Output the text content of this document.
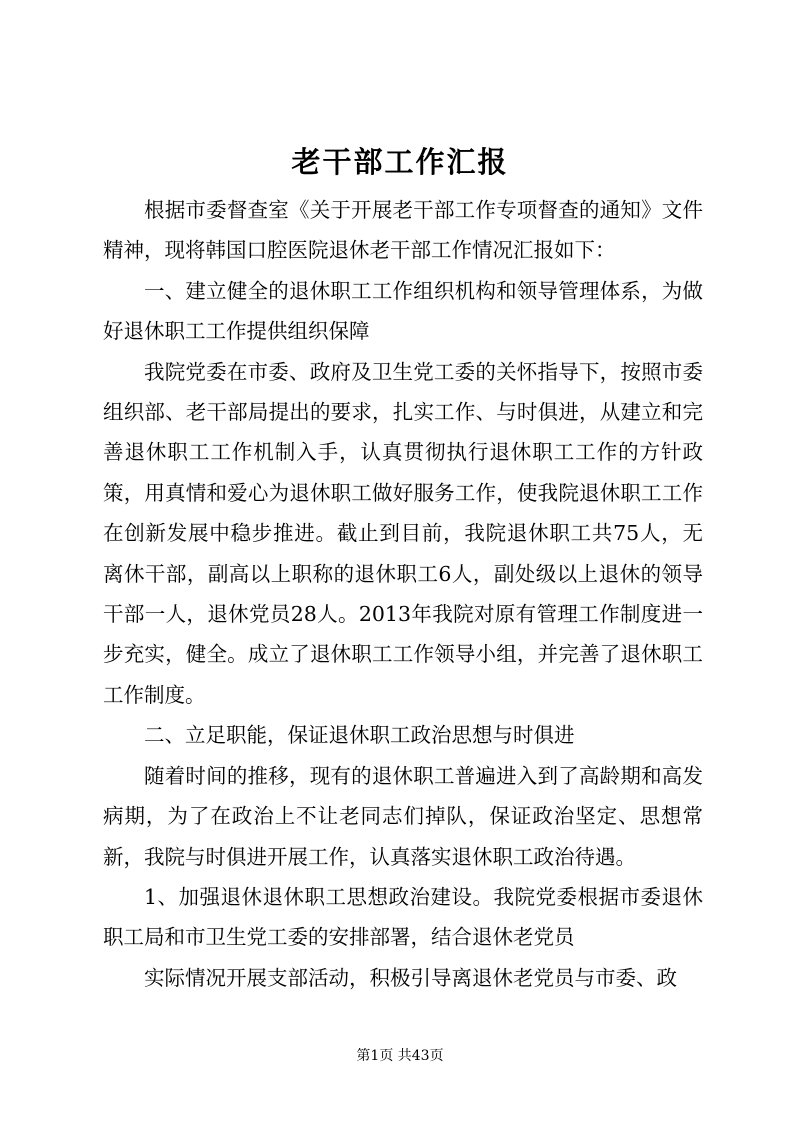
老干部工作汇报

根据市委督查室《关于开展老干部工作专项督查的通知》文件精神，现将韩国口腔医院退休老干部工作情况汇报如下：

一、建立健全的退休职工工作组织机构和领导管理体系，为做好退休职工工作提供组织保障

我院党委在市委、政府及卫生党工委的关怀指导下，按照市委组织部、老干部局提出的要求，扎实工作、与时俱进，从建立和完善退休职工工作机制入手，认真贯彻执行退休职工工作的方针政策，用真情和爱心为退休职工做好服务工作，使我院退休职工工作在创新发展中稳步推进。截止到目前，我院退休职工共75人，无离休干部，副高以上职称的退休职工6人，副处级以上退休的领导干部一人，退休党员28人。2013年我院对原有管理工作制度进一步充实，健全。成立了退休职工工作领导小组，并完善了退休职工工作制度。

二、立足职能，保证退休职工政治思想与时俱进

随着时间的推移，现有的退休职工普遍进入到了高龄期和高发病期，为了在政治上不让老同志们掉队，保证政治坚定、思想常新，我院与时俱进开展工作，认真落实退休职工政治待遇。

1、加强退休退休职工思想政治建设。我院党委根据市委退休职工局和市卫生党工委的安排部署，结合退休老党员

实际情况开展支部活动，积极引导离退休老党员与市委、政

第1页 共43页
